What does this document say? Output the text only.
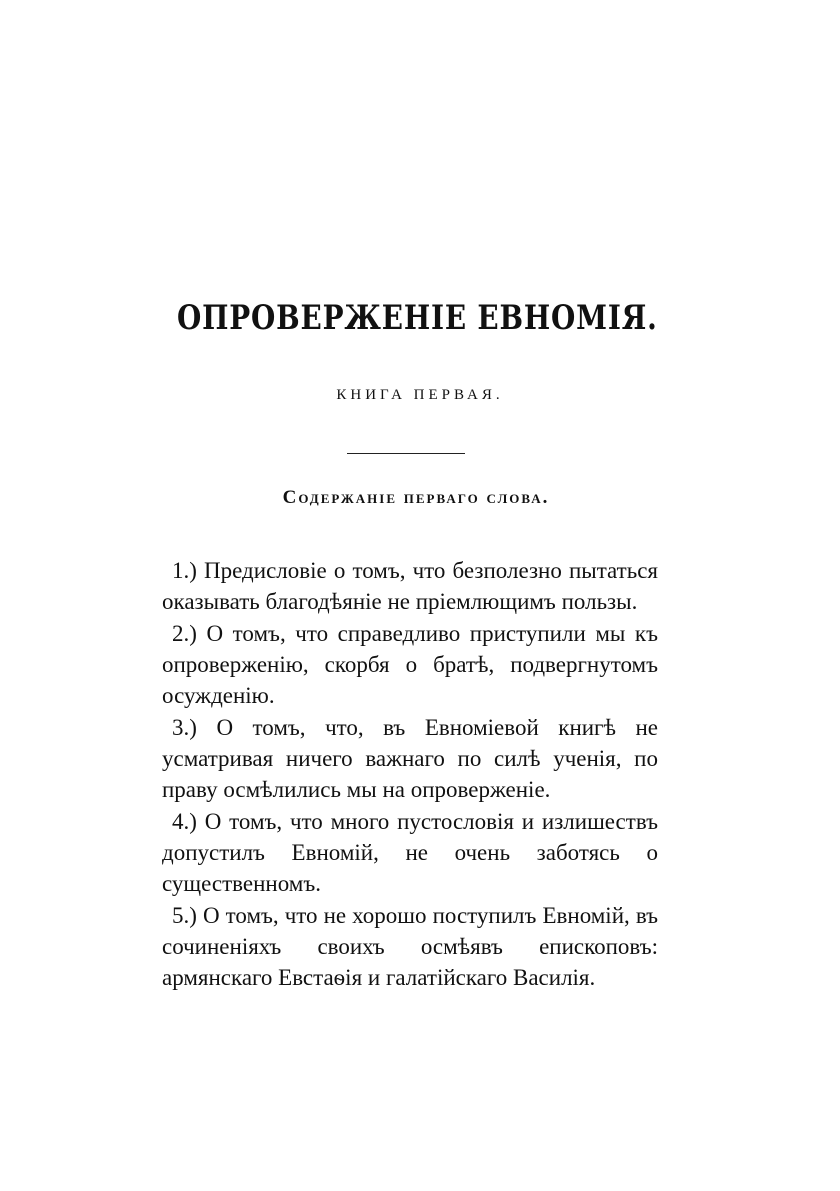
ОПРОВЕРЖЕНІЕ ЕВНОМІЯ.
КНИГА ПЕРВАЯ.
Содержаніе перваго слова.

1.) Предисловіе о томъ, что безполезно пытаться оказывать благодѣяніе не пріемлющимъ пользы.

2.) О томъ, что справедливо приступили мы къ опроверженію, скорбя о братѣ, подвергнутомъ осужденію.

3.) О томъ, что, въ Евноміевой книгѣ не усматривая ничего важнаго по силѣ ученія, по праву осмѣлились мы на опроверженіе.

4.) О томъ, что много пустословія и излишествъ допустилъ Евномій, не очень заботясь о существенномъ.

5.) О томъ, что не хорошо поступилъ Евномій, въ сочиненіяхъ своихъ осмѣявъ епископовъ: армянскаго Евстаѳія и галатійскаго Василія.
